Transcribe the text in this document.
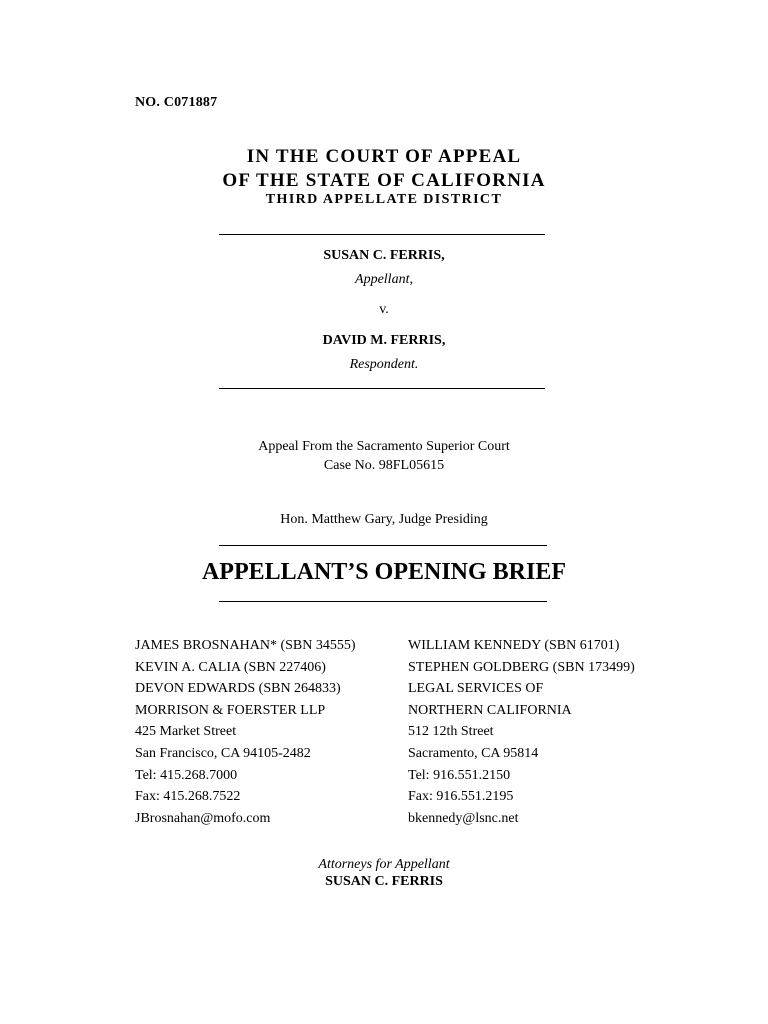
NO. C071887
IN THE COURT OF APPEAL
OF THE STATE OF CALIFORNIA
THIRD APPELLATE DISTRICT
SUSAN C. FERRIS,
Appellant,
v.
DAVID M. FERRIS,
Respondent.
Appeal From the Sacramento Superior Court
Case No. 98FL05615
Hon. Matthew Gary, Judge Presiding
APPELLANT’S OPENING BRIEF
JAMES BROSNAHAN* (SBN 34555)
KEVIN A. CALIA (SBN 227406)
DEVON EDWARDS (SBN 264833)
MORRISON & FOERSTER LLP
425 Market Street
San Francisco, CA 94105-2482
Tel: 415.268.7000
Fax: 415.268.7522
JBrosnahan@mofo.com
WILLIAM KENNEDY (SBN 61701)
STEPHEN GOLDBERG (SBN 173499)
LEGAL SERVICES OF
NORTHERN CALIFORNIA
512 12th Street
Sacramento, CA 95814
Tel: 916.551.2150
Fax: 916.551.2195
bkennedy@lsnc.net
Attorneys for Appellant
SUSAN C. FERRIS
